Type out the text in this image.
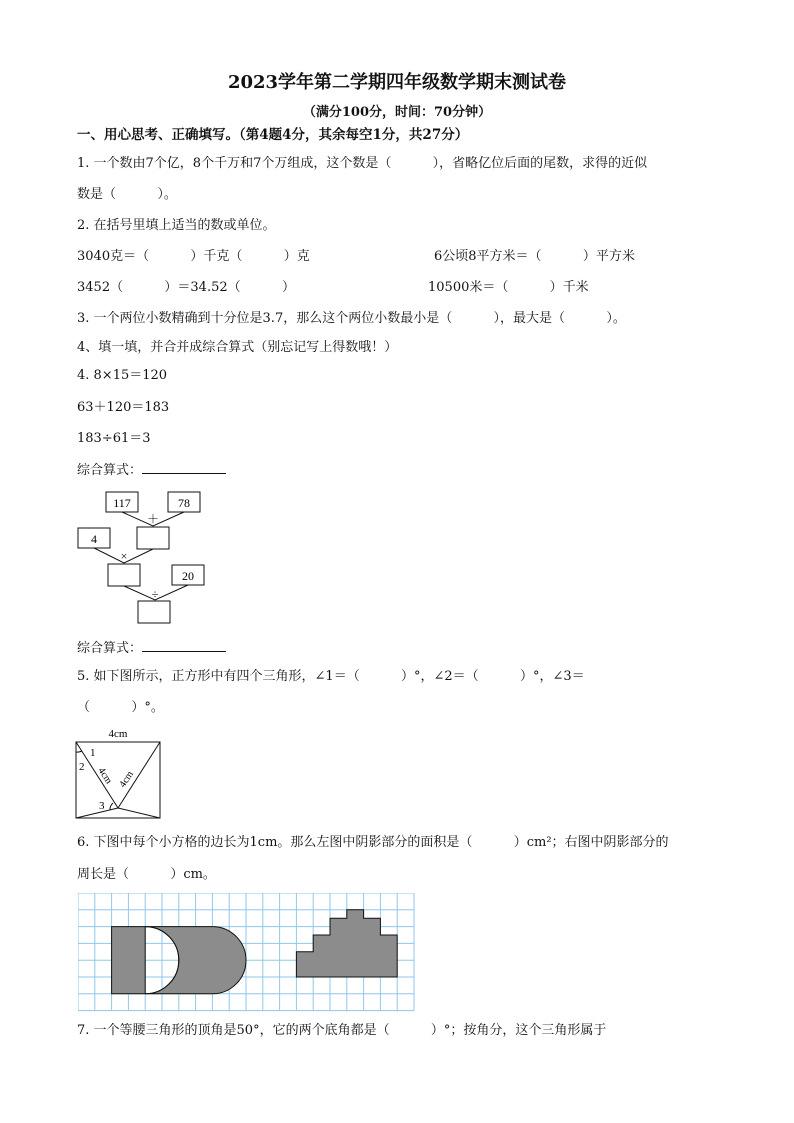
2023学年第二学期四年级数学期末测试卷
（满分100分，时间：70分钟）
一、用心思考、正确填写。（第4题4分，其余每空1分，共27分）
1. 一个数由7个亿，8个千万和7个万组成，这个数是（          ），省略亿位后面的尾数，求得的近似
数是（          ）。
2. 在括号里填上适当的数或单位。
3040克＝（          ）千克（          ）克	6公顷8平方米＝（          ）平方米
3452（          ）＝34.52（          ）	10500米＝（          ）千米
3. 一个两位小数精确到十分位是3.7，那么这个两位小数最小是（          ），最大是（          ）。
4、填一填，并合并成综合算式（别忘记写上得数哦！）
4. 8×15＝120
63＋120＝183
183÷61＝3
综合算式：
117	78
＋
4
×
20
÷
综合算式：
5. 如下图所示，正方形中有四个三角形，∠1＝（          ）°，∠2＝（          ）°，∠3＝
（          ）°。
4cm
1
2
3
4cm 4cm
6. 下图中每个小方格的边长为1cm。那么左图中阴影部分的面积是（          ）cm²；右图中阴影部分的
周长是（          ）cm。
7. 一个等腰三角形的顶角是50°，它的两个底角都是（          ）°；按角分，这个三角形属于
